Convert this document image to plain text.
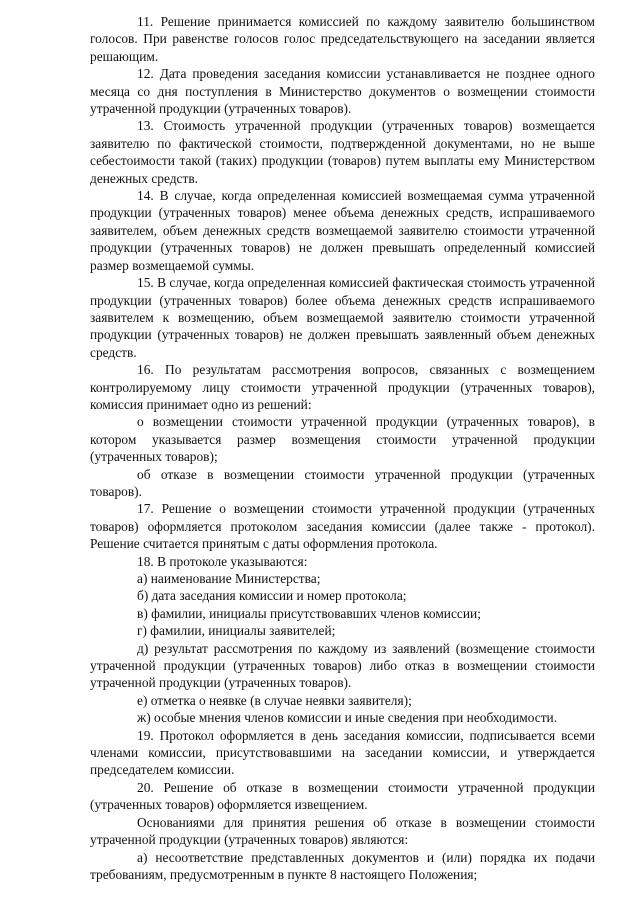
11. Решение принимается комиссией по каждому заявителю большинством голосов. При равенстве голосов голос председательствующего на заседании является решающим.

12. Дата проведения заседания комиссии устанавливается не позднее одного месяца со дня поступления в Министерство документов о возмещении стоимости утраченной продукции (утраченных товаров).

13. Стоимость утраченной продукции (утраченных товаров) возмещается заявителю по фактической стоимости, подтвержденной документами, но не выше себестоимости такой (таких) продукции (товаров) путем выплаты ему Министерством денежных средств.

14. В случае, когда определенная комиссией возмещаемая сумма утраченной продукции (утраченных товаров) менее объема денежных средств, испрашиваемого заявителем, объем денежных средств возмещаемой заявителю стоимости утраченной продукции (утраченных товаров) не должен превышать определенный комиссией размер возмещаемой суммы.

15. В случае, когда определенная комиссией фактическая стоимость утраченной продукции (утраченных товаров) более объема денежных средств испрашиваемого заявителем к возмещению, объем возмещаемой заявителю стоимости утраченной продукции (утраченных товаров) не должен превышать заявленный объем денежных средств.

16. По результатам рассмотрения вопросов, связанных с возмещением контролируемому лицу стоимости утраченной продукции (утраченных товаров), комиссия принимает одно из решений:

о возмещении стоимости утраченной продукции (утраченных товаров), в котором указывается размер возмещения стоимости утраченной продукции (утраченных товаров);

об отказе в возмещении стоимости утраченной продукции (утраченных товаров).

17. Решение о возмещении стоимости утраченной продукции (утраченных товаров) оформляется протоколом заседания комиссии (далее также - протокол). Решение считается принятым с даты оформления протокола.

18. В протоколе указываются:

а) наименование Министерства;

б) дата заседания комиссии и номер протокола;

в) фамилии, инициалы присутствовавших членов комиссии;

г) фамилии, инициалы заявителей;

д) результат рассмотрения по каждому из заявлений (возмещение стоимости утраченной продукции (утраченных товаров) либо отказ в возмещении стоимости утраченной продукции (утраченных товаров).

е) отметка о неявке (в случае неявки заявителя);

ж) особые мнения членов комиссии и иные сведения при необходимости.

19. Протокол оформляется в день заседания комиссии, подписывается всеми членами комиссии, присутствовавшими на заседании комиссии, и утверждается председателем комиссии.

20. Решение об отказе в возмещении стоимости утраченной продукции (утраченных товаров) оформляется извещением.

Основаниями для принятия решения об отказе в возмещении стоимости утраченной продукции (утраченных товаров) являются:

а) несоответствие представленных документов и (или) порядка их подачи требованиям, предусмотренным в пункте 8 настоящего Положения;
